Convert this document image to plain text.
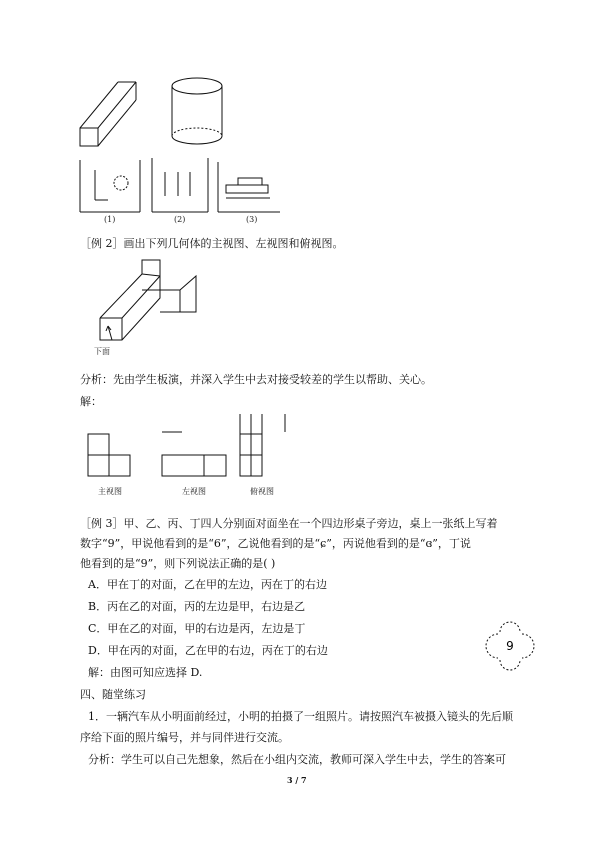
(1)	(2)	(3)
下面
主视图	左视图	俯视图
9
［例 2］画出下列几何体的主视图、左视图和俯视图。
分析：先由学生板演，并深入学生中去对接受较差的学生以帮助、关心。
解：
［例 3］甲、乙、丙、丁四人分别面对面坐在一个四边形桌子旁边，桌上一张纸上写着
数字“9”，甲说他看到的是“6”，乙说他看到的是“ɕ”，丙说他看到的是“ɞ”，丁说
他看到的是“9”，则下列说法正确的是( )
A．甲在丁的对面，乙在甲的左边，丙在丁的右边
B．丙在乙的对面，丙的左边是甲，右边是乙
C．甲在乙的对面，甲的右边是丙，左边是丁
D．甲在丙的对面，乙在甲的右边，丙在丁的右边
解：由图可知应选择 D.
四、随堂练习
1．一辆汽车从小明面前经过，小明的拍摄了一组照片。请按照汽车被摄入镜头的先后顺
序给下面的照片编号，并与同伴进行交流。
分析：学生可以自己先想象，然后在小组内交流，教师可深入学生中去，学生的答案可
3 / 7
